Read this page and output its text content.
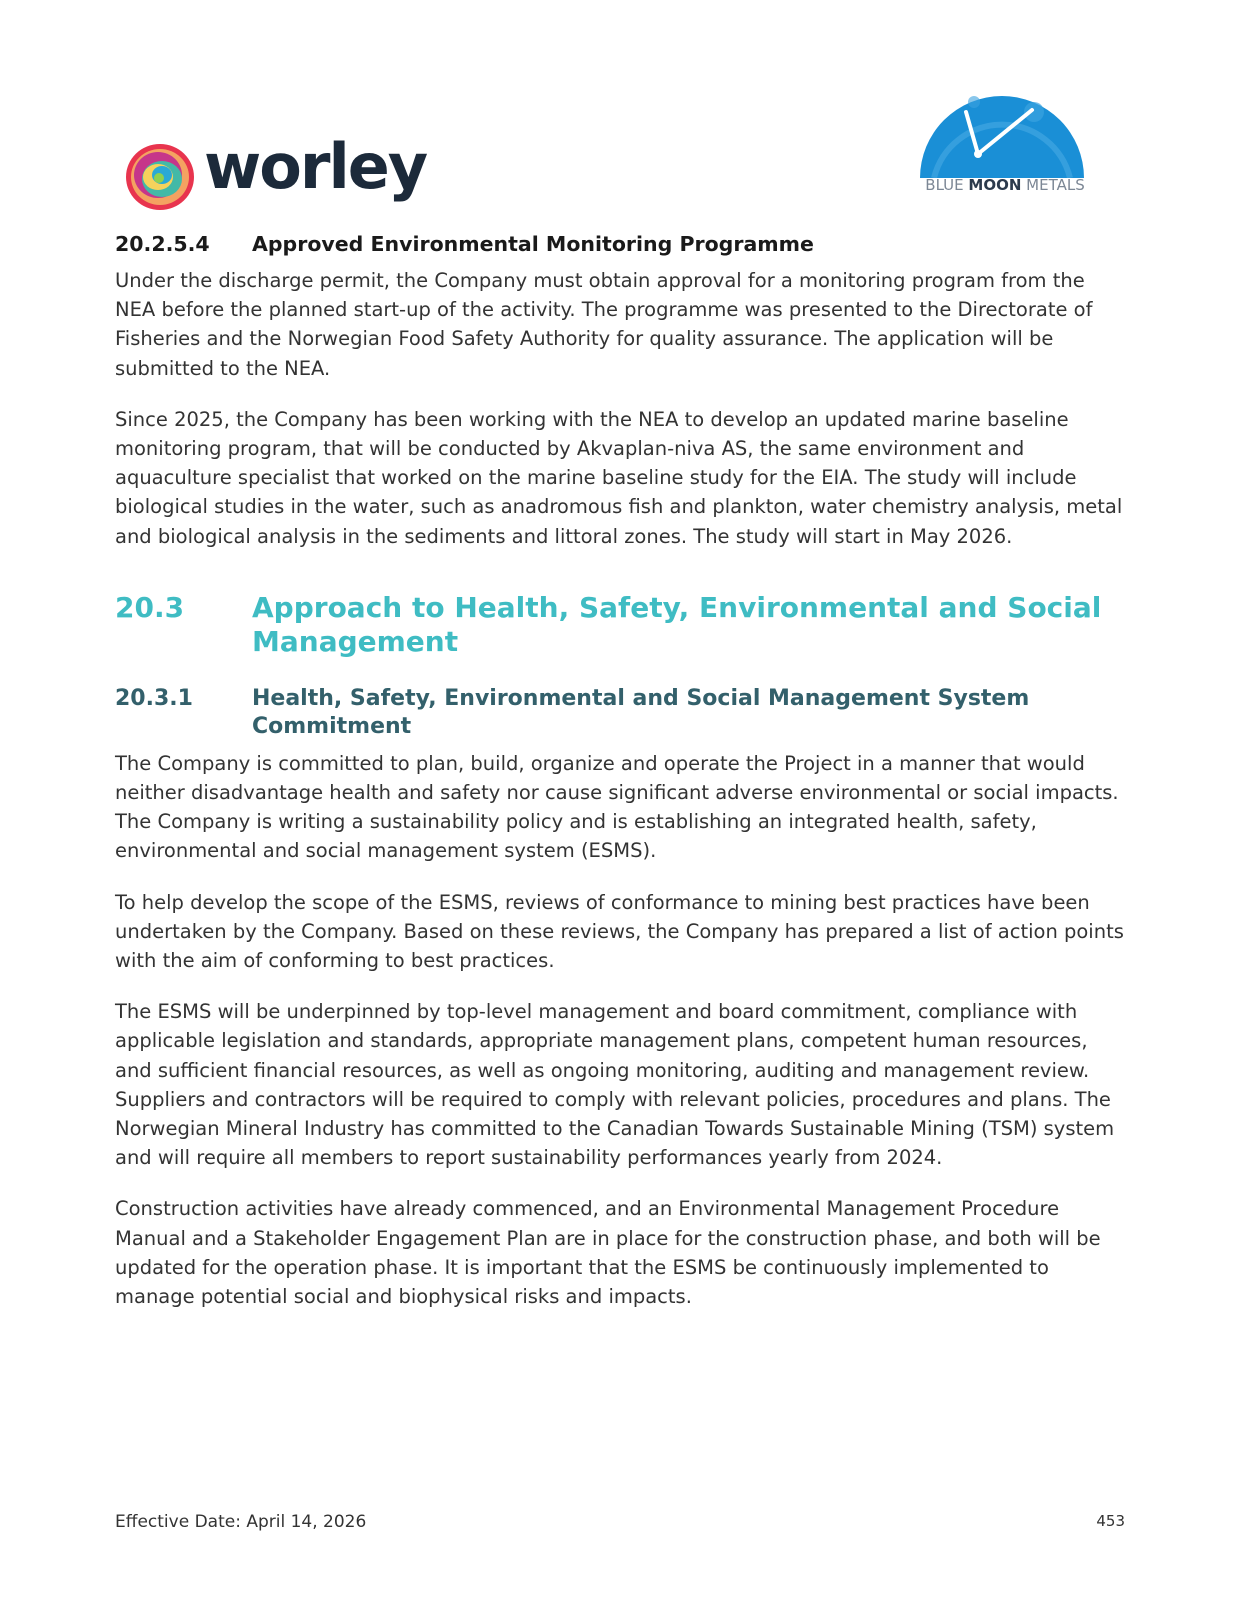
worley	BLUE MOON METALS
20.2.5.4	Approved Environmental Monitoring Programme

Under the discharge permit, the Company must obtain approval for a monitoring program from the NEA before the planned start-up of the activity. The programme was presented to the Directorate of Fisheries and the Norwegian Food Safety Authority for quality assurance. The application will be submitted to the NEA.

Since 2025, the Company has been working with the NEA to develop an updated marine baseline monitoring program, that will be conducted by Akvaplan-niva AS, the same environment and aquaculture specialist that worked on the marine baseline study for the EIA. The study will include biological studies in the water, such as anadromous fish and plankton, water chemistry analysis, metal and biological analysis in the sediments and littoral zones. The study will start in May 2026.

20.3	Approach to Health, Safety, Environmental and Social Management
20.3.1	Health, Safety, Environmental and Social Management System Commitment

The Company is committed to plan, build, organize and operate the Project in a manner that would neither disadvantage health and safety nor cause significant adverse environmental or social impacts. The Company is writing a sustainability policy and is establishing an integrated health, safety, environmental and social management system (ESMS).

To help develop the scope of the ESMS, reviews of conformance to mining best practices have been undertaken by the Company. Based on these reviews, the Company has prepared a list of action points with the aim of conforming to best practices.

The ESMS will be underpinned by top-level management and board commitment, compliance with applicable legislation and standards, appropriate management plans, competent human resources, and sufficient financial resources, as well as ongoing monitoring, auditing and management review. Suppliers and contractors will be required to comply with relevant policies, procedures and plans. The Norwegian Mineral Industry has committed to the Canadian Towards Sustainable Mining (TSM) system and will require all members to report sustainability performances yearly from 2024.

Construction activities have already commenced, and an Environmental Management Procedure Manual and a Stakeholder Engagement Plan are in place for the construction phase, and both will be updated for the operation phase. It is important that the ESMS be continuously implemented to manage potential social and biophysical risks and impacts.

Effective Date: April 14, 2026	453
